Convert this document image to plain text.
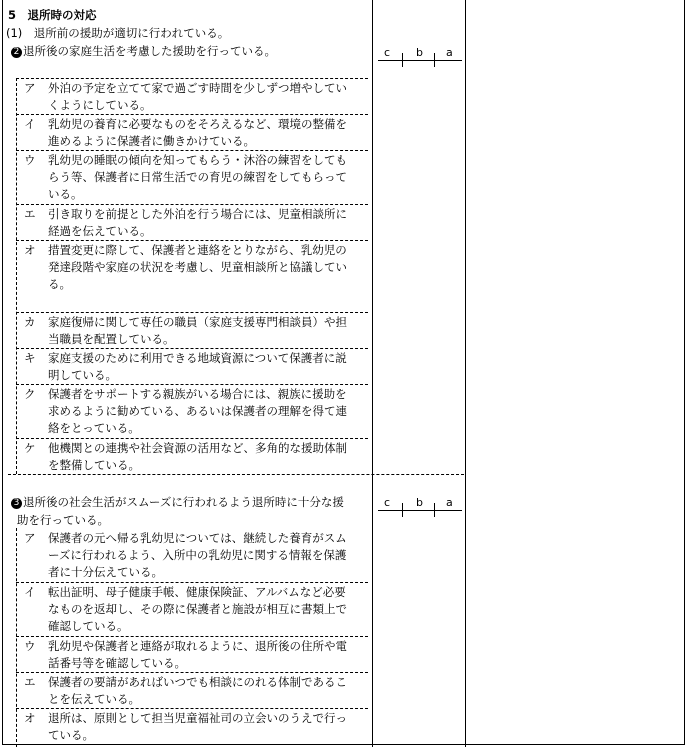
5　退所時の対応
(1)　退所前の援助が適切に行われている。
2 退所後の家庭生活を考慮した援助を行っている。	c b a
ア 外泊の予定を立てて家で過ごす時間を少しずつ増やしてい
くようにしている。
イ 乳幼児の養育に必要なものをそろえるなど、環境の整備を
進めるように保護者に働きかけている。
ウ 乳幼児の睡眠の傾向を知ってもらう・沐浴の練習をしても
らう等、保護者に日常生活での育児の練習をしてもらって
いる。
エ 引き取りを前提とした外泊を行う場合には、児童相談所に
経過を伝えている。
オ 措置変更に際して、保護者と連絡をとりながら、乳幼児の
発達段階や家庭の状況を考慮し、児童相談所と協議してい
る。
カ 家庭復帰に関して専任の職員（家庭支援専門相談員）や担
当職員を配置している。
キ 家庭支援のために利用できる地域資源について保護者に説
明している。
ク 保護者をサポートする親族がいる場合には、親族に援助を
求めるように勧めている、あるいは保護者の理解を得て連
絡をとっている。
ケ 他機関との連携や社会資源の活用など、多角的な援助体制
を整備している。
3 退所後の社会生活がスムーズに行われるよう退所時に十分な援
助を行っている。
c b a
ア 保護者の元へ帰る乳幼児については、継続した養育がスム
ーズに行われるよう、入所中の乳幼児に関する情報を保護
者に十分伝えている。
イ 転出証明、母子健康手帳、健康保険証、アルバムなど必要
なものを返却し、その際に保護者と施設が相互に書類上で
確認している。
ウ 乳幼児や保護者と連絡が取れるように、退所後の住所や電
話番号等を確認している。
エ 保護者の要請があればいつでも相談にのれる体制であるこ
とを伝えている。
オ 退所は、原則として担当児童福祉司の立会いのうえで行っ
ている。
